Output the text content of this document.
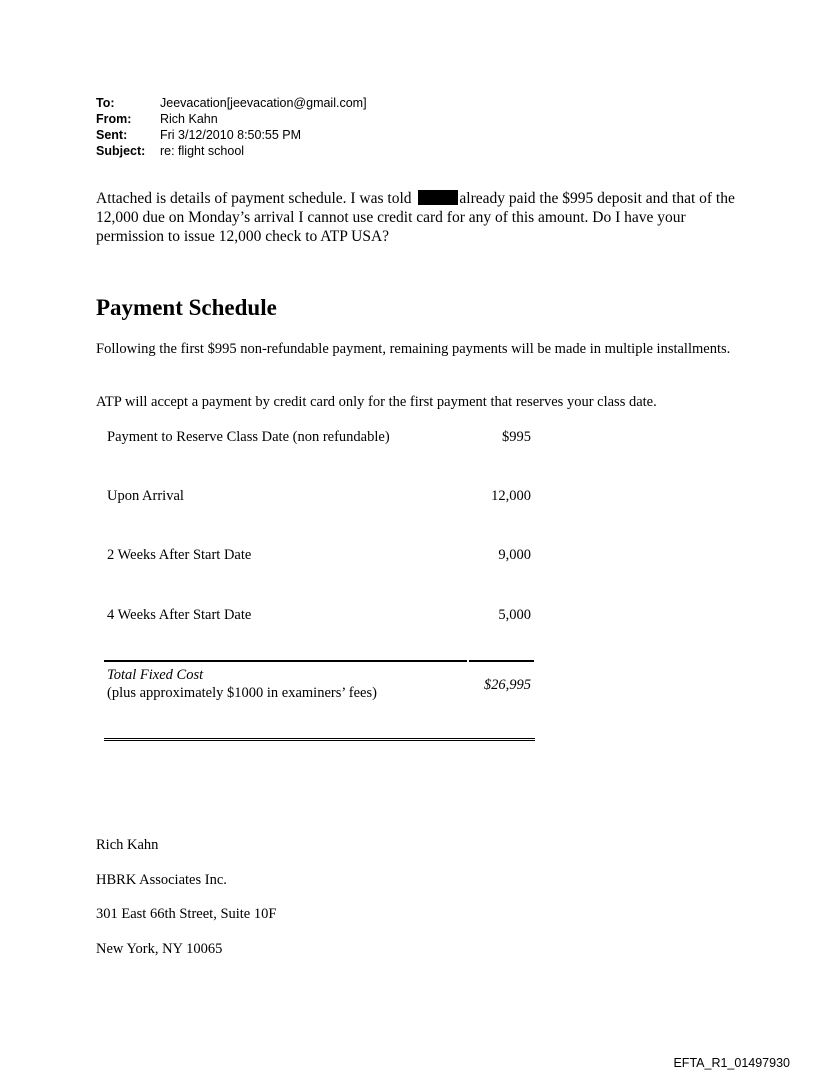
To:	Jeevacation[jeevacation@gmail.com]
From:	Rich Kahn
Sent:	Fri 3/12/2010 8:50:55 PM
Subject:	re: flight school

Attached is details of payment schedule. I was told	already paid the $995 deposit and that of the 12,000 due on Monday’s arrival I cannot use credit card for any of this amount. Do I have your permission to issue 12,000 check to ATP USA?

Payment Schedule

Following the first $995 non-refundable payment, remaining payments will be made in multiple installments.

ATP will accept a payment by credit card only for the first payment that reserves your class date.

Payment to Reserve Class Date (non refundable)	$995
Upon Arrival	12,000
2 Weeks After Start Date	9,000
4 Weeks After Start Date	5,000
Total Fixed Cost
(plus approximately $1000 in examiners’ fees)	$26,995
Rich Kahn
HBRK Associates Inc.
301 East 66th Street, Suite 10F
New York, NY 10065
EFTA_R1_01497930
